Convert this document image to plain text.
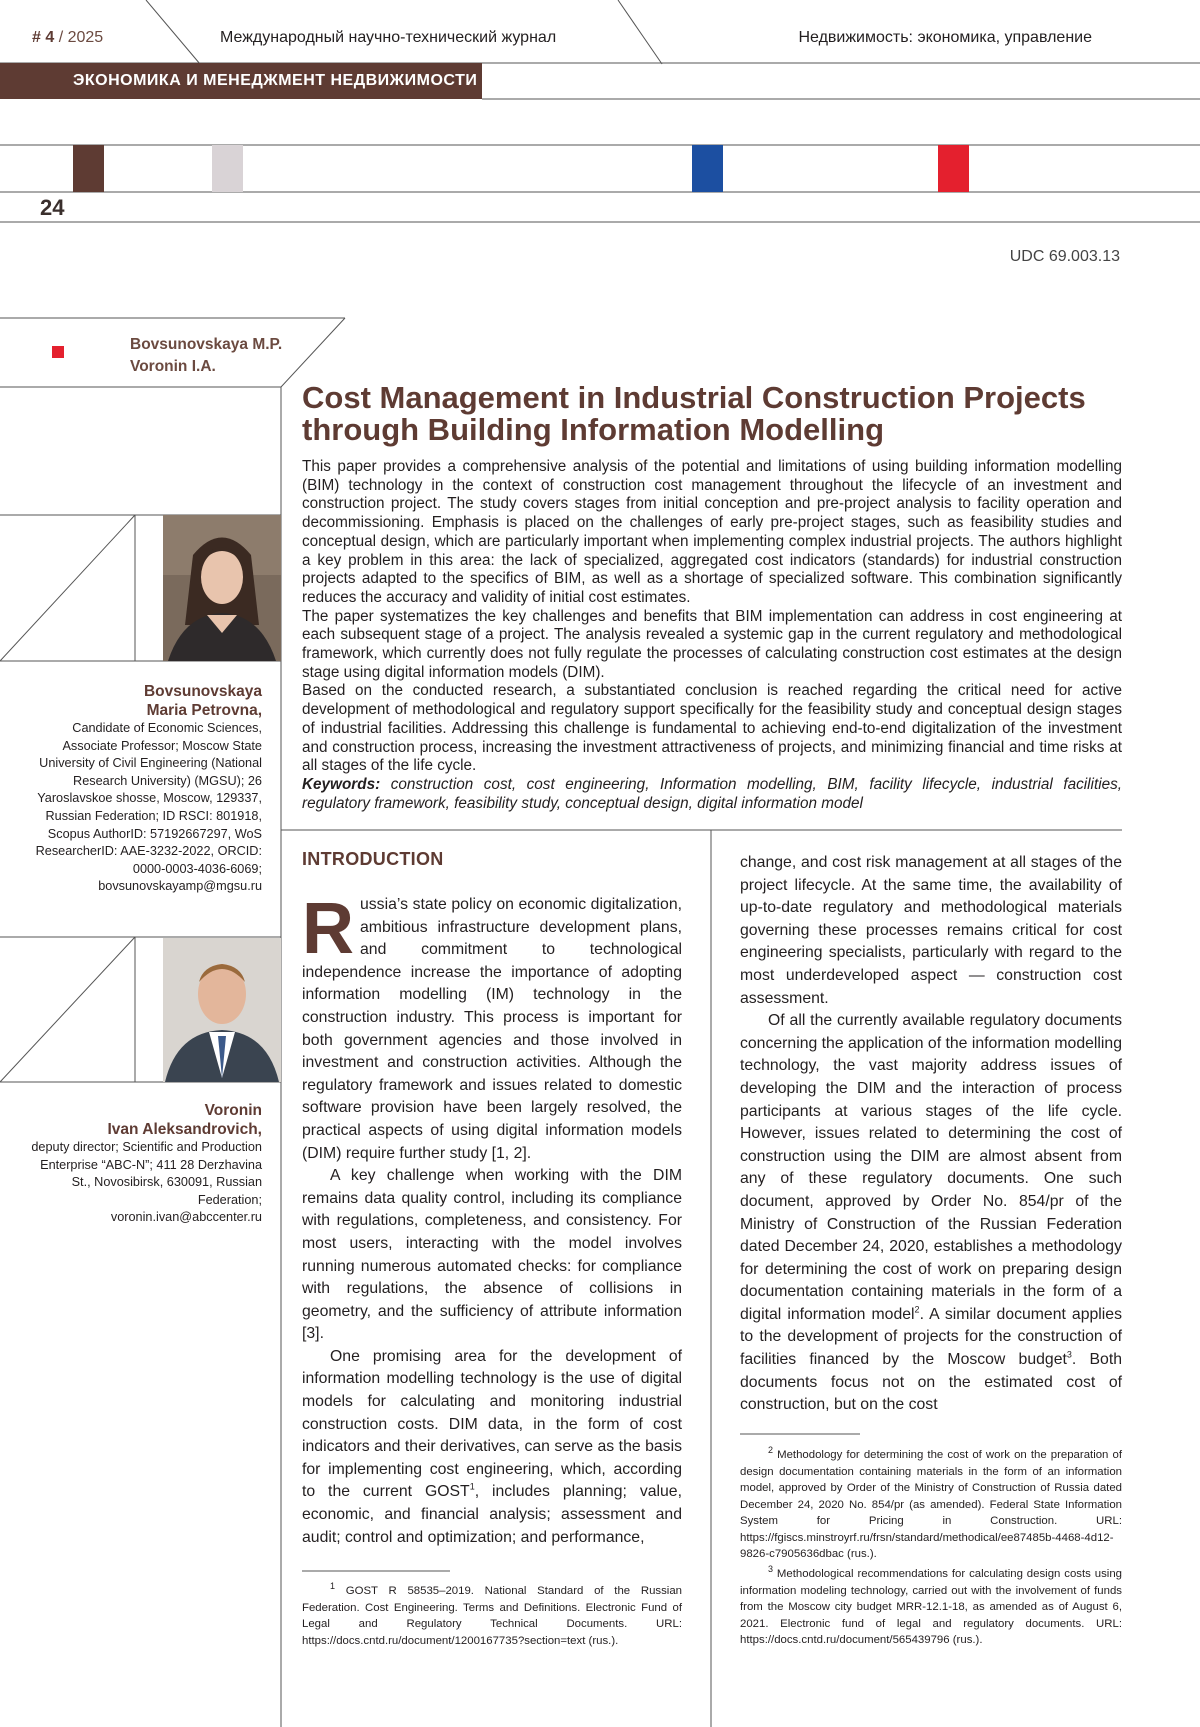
# 4 / 2025	Международный научно-технический журнал	Недвижимость: экономика, управление
ЭКОНОМИКА И МЕНЕДЖМЕНТ НЕДВИЖИМОСТИ
24
UDC 69.003.13
Bovsunovskaya M.P.
Voronin I.A.
Cost Management in Industrial Construction Projects through Building Information Modelling

This paper provides a comprehensive analysis of the potential and limitations of using building information modelling (BIM) technology in the context of construction cost management throughout the lifecycle of an investment and construction project. The study covers stages from initial conception and pre-project analysis to facility operation and decommissioning. Emphasis is placed on the challenges of early pre-project stages, such as feasibility studies and conceptual design, which are particularly important when implementing complex industrial projects. The authors highlight a key problem in this area: the lack of specialized, aggregated cost indicators (standards) for industrial construction projects adapted to the specifics of BIM, as well as a shortage of specialized software. This combination significantly reduces the accuracy and validity of initial cost estimates.

The paper systematizes the key challenges and benefits that BIM implementation can address in cost engineering at each subsequent stage of a project. The analysis revealed a systemic gap in the current regulatory and methodological framework, which currently does not fully regulate the processes of calculating construction cost estimates at the design stage using digital information models (DIM).

Based on the conducted research, a substantiated conclusion is reached regarding the critical need for active development of methodological and regulatory support specifically for the feasibility study and conceptual design stages of industrial facilities. Addressing this challenge is fundamental to achieving end-to-end digitalization of the investment and construction process, increasing the investment attractiveness of projects, and minimizing financial and time risks at all stages of the life cycle.

Keywords: construction cost, cost engineering, Information modelling, BIM, facility lifecycle, industrial facilities, regulatory framework, feasibility study, conceptual design, digital information model

Bovsunovskaya
Maria Petrovna,
Candidate of Economic Sciences, Associate Professor; Moscow State University of Civil Engineering (National Research University) (MGSU); 26 Yaroslavskoe shosse, Moscow, 129337, Russian Federation; ID RSCI: 801918, Scopus AuthorID: 57192667297, WoS ResearcherID: AAE-3232-2022, ORCID: 0000-0003-4036-6069;
bovsunovskayamp@mgsu.ru
Voronin
Ivan Aleksandrovich,
deputy director; Scientific and Production Enterprise “ABC-N”; 411 28 Derzhavina St., Novosibirsk, 630091, Russian Federation;
voronin.ivan@abccenter.ru
INTRODUCTION

Russia’s state policy on economic digitalization, ambitious infrastructure development plans, and commitment to technological independence increase the importance of adopting information modelling (IM) technology in the construction industry. This process is important for both government agencies and those involved in investment and construction activities. Although the regulatory framework and issues related to domestic software provision have been largely resolved, the practical aspects of using digital information models (DIM) require further study [1, 2].

A key challenge when working with the DIM remains data quality control, including its compliance with regulations, completeness, and consistency. For most users, interacting with the model involves running numerous automated checks: for compliance with regulations, the absence of collisions in geometry, and the sufficiency of attribute information [3].

One promising area for the development of information modelling technology is the use of digital models for calculating and monitoring industrial construction costs. DIM data, in the form of cost indicators and their derivatives, can serve as the basis for implementing cost engineering, which, according to the current GOST$^1$, includes planning; value, economic, and financial analysis; assessment and audit; control and optimization; and performance,

change, and cost risk management at all stages of the project lifecycle. At the same time, the availability of up-to-date regulatory and methodological materials governing these processes remains critical for cost engineering specialists, particularly with regard to the most underdeveloped aspect — construction cost assessment.

Of all the currently available regulatory documents concerning the application of the information modelling technology, the vast majority address issues of developing the DIM and the interaction of process participants at various stages of the life cycle. However, issues related to determining the cost of construction using the DIM are almost absent from any of these regulatory documents. One such document, approved by Order No. 854/pr of the Ministry of Construction of the Russian Federation dated December 24, 2020, establishes a methodology for determining the cost of work on preparing design documentation containing materials in the form of a digital information model$^2$. A similar document applies to the development of projects for the construction of facilities financed by the Moscow budget$^3$. Both documents focus not on the estimated cost of construction, but on the cost

$^1$ GOST R 58535–2019. National Standard of the Russian Federation. Cost Engineering. Terms and Definitions. Electronic Fund of Legal and Regulatory Technical Documents. URL: https://docs.cntd.ru/document/1200167735?section=text (rus.).

$^2$ Methodology for determining the cost of work on the preparation of design documentation containing materials in the form of an information model, approved by Order of the Ministry of Construction of Russia dated December 24, 2020 No. 854/pr (as amended). Federal State Information System for Pricing in Construction. URL: https://fgiscs.minstroyrf.ru/frsn/standard/methodical/ee87485b-4468-4d12-9826-c7905636dbac (rus.).

$^3$ Methodological recommendations for calculating design costs using information modeling technology, carried out with the involvement of funds from the Moscow city budget MRR-12.1-18, as amended as of August 6, 2021. Electronic fund of legal and regulatory documents. URL: https://docs.cntd.ru/document/565439796 (rus.).
